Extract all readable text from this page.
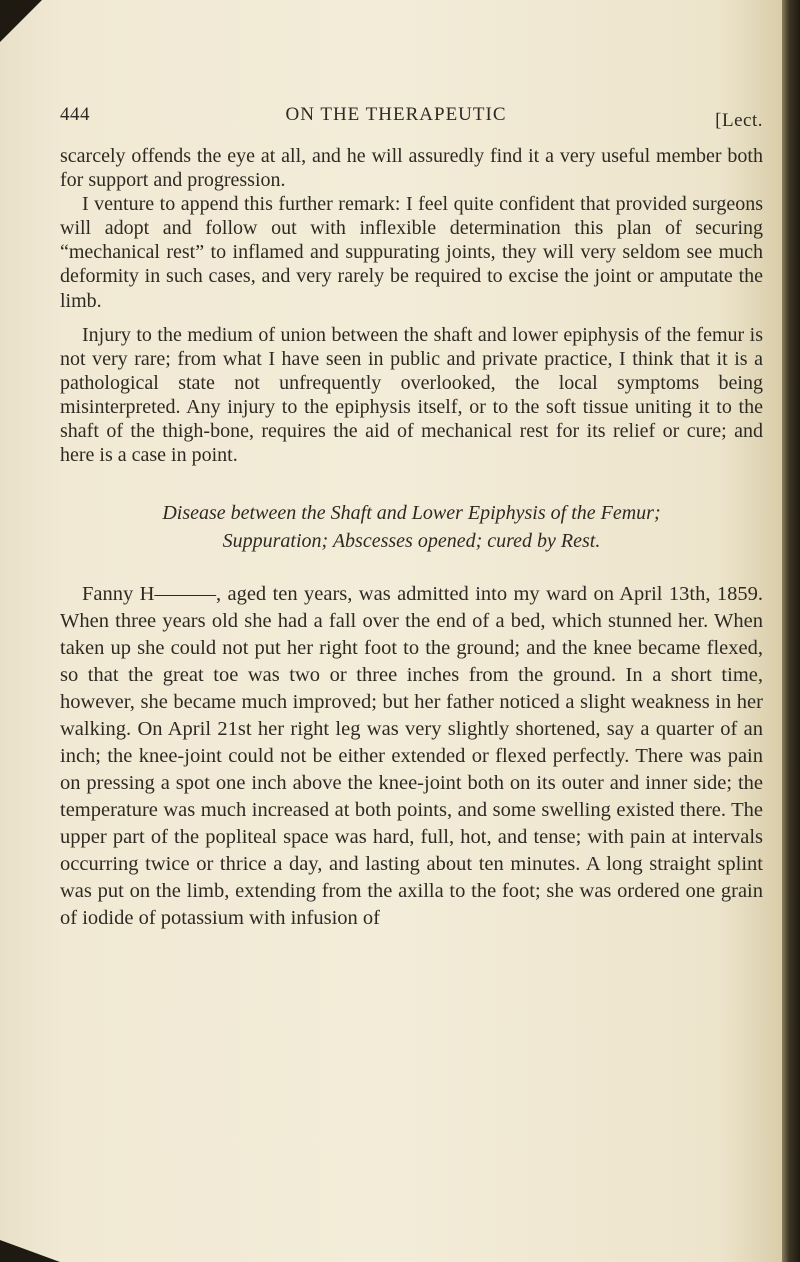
444	ON THE THERAPEUTIC	[Lect.

scarcely offends the eye at all, and he will assuredly find it a very useful member both for support and progression.

I venture to append this further remark: I feel quite confident that provided surgeons will adopt and follow out with inflexible determination this plan of securing “mechanical rest” to inflamed and suppurating joints, they will very seldom see much deformity in such cases, and very rarely be required to excise the joint or amputate the limb.

Injury to the medium of union between the shaft and lower epiphysis of the femur is not very rare; from what I have seen in public and private practice, I think that it is a pathological state not unfrequently overlooked, the local symptoms being misinterpreted. Any injury to the epiphysis itself, or to the soft tissue uniting it to the shaft of the thigh-bone, requires the aid of mechanical rest for its relief or cure; and here is a case in point.

Disease between the Shaft and Lower Epiphysis of the Femur;
Suppuration; Abscesses opened; cured by Rest.

Fanny H———, aged ten years, was admitted into my ward on April 13th, 1859. When three years old she had a fall over the end of a bed, which stunned her. When taken up she could not put her right foot to the ground; and the knee became flexed, so that the great toe was two or three inches from the ground. In a short time, however, she became much improved; but her father noticed a slight weakness in her walking. On April 21st her right leg was very slightly shortened, say a quarter of an inch; the knee-joint could not be either extended or flexed perfectly. There was pain on pressing a spot one inch above the knee-joint both on its outer and inner side; the temperature was much increased at both points, and some swelling existed there. The upper part of the popliteal space was hard, full, hot, and tense; with pain at intervals occurring twice or thrice a day, and lasting about ten minutes. A long straight splint was put on the limb, extending from the axilla to the foot; she was ordered one grain of iodide of potassium with infusion of
